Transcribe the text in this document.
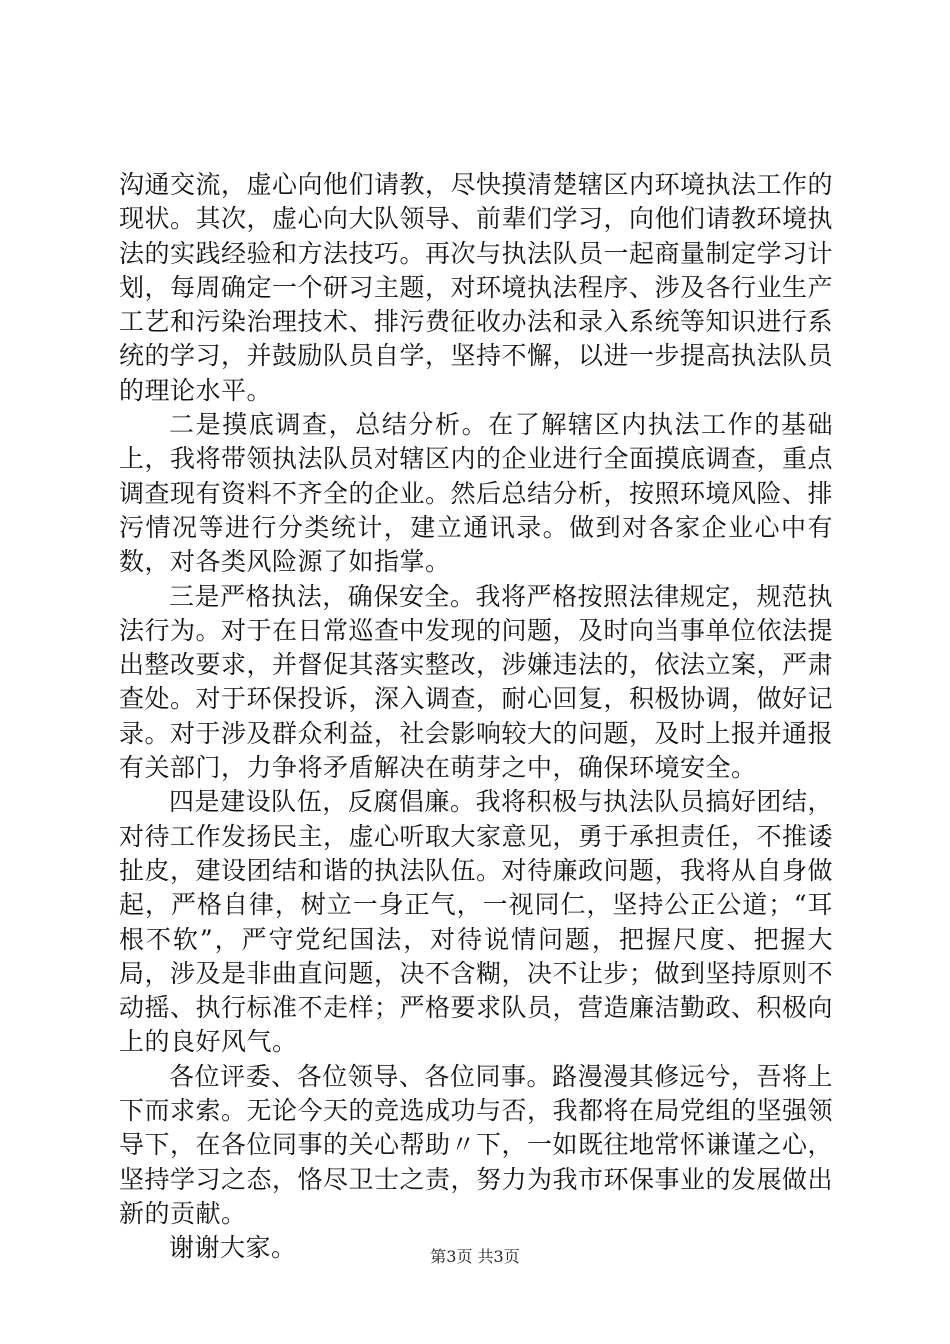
沟通交流，虚心向他们请教，尽快摸清楚辖区内环境执法工作的现状。其次，虚心向大队领导、前辈们学习，向他们请教环境执法的实践经验和方法技巧。再次与执法队员一起商量制定学习计划，每周确定一个研习主题，对环境执法程序、涉及各行业生产工艺和污染治理技术、排污费征收办法和录入系统等知识进行系统的学习，并鼓励队员自学，坚持不懈，以进一步提高执法队员的理论水平。

二是摸底调查，总结分析。在了解辖区内执法工作的基础上，我将带领执法队员对辖区内的企业进行全面摸底调查，重点调查现有资料不齐全的企业。然后总结分析，按照环境风险、排污情况等进行分类统计，建立通讯录。做到对各家企业心中有数，对各类风险源了如指掌。

三是严格执法，确保安全。我将严格按照法律规定，规范执法行为。对于在日常巡查中发现的问题，及时向当事单位依法提出整改要求，并督促其落实整改，涉嫌违法的，依法立案，严肃查处。对于环保投诉，深入调查，耐心回复，积极协调，做好记录。对于涉及群众利益，社会影响较大的问题，及时上报并通报有关部门，力争将矛盾解决在萌芽之中，确保环境安全。

四是建设队伍，反腐倡廉。我将积极与执法队员搞好团结，对待工作发扬民主，虚心听取大家意见，勇于承担责任，不推诿扯皮，建设团结和谐的执法队伍。对待廉政问题，我将从自身做起，严格自律，树立一身正气，一视同仁，坚持公正公道；“耳根不软”，严守党纪国法，对待说情问题，把握尺度、把握大局，涉及是非曲直问题，决不含糊，决不让步；做到坚持原则不动摇、执行标准不走样；严格要求队员，营造廉洁勤政、积极向上的良好风气。

各位评委、各位领导、各位同事。路漫漫其修远兮，吾将上下而求索。无论今天的竞选成功与否，我都将在局党组的坚强领导下，在各位同事的关心帮助〃下，一如既往地常怀谦谨之心，坚持学习之态，恪尽卫士之责，努力为我市环保事业的发展做出新的贡献。

谢谢大家。	第3页 共3页
